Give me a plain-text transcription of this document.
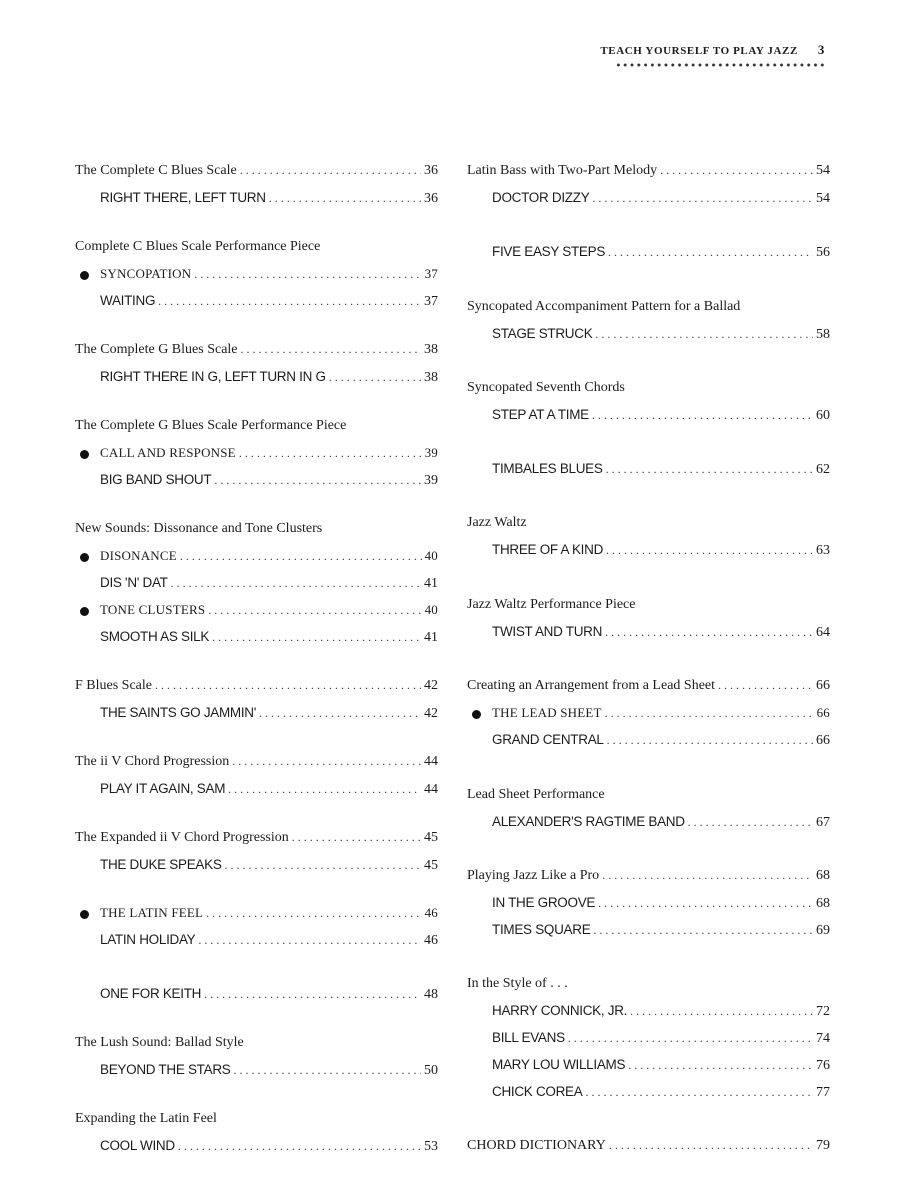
TEACH YOURSELF TO PLAY JAZZ 3
The Complete C Blues Scale . . .	36
RIGHT THERE, LEFT TURN . . .	36
Complete C Blues Scale Performance Piece
SYNCOPATION . . .	37
WAITING . . .	37
The Complete G Blues Scale . . .	38
RIGHT THERE IN G, LEFT TURN IN G . . .	38
The Complete G Blues Scale Performance Piece
CALL AND RESPONSE . . .	39
BIG BAND SHOUT . . .	39
New Sounds: Dissonance and Tone Clusters
DISONANCE . . .	40
DIS 'N' DAT . . .	41
TONE CLUSTERS . . .	40
SMOOTH AS SILK . . .	41
F Blues Scale . . .	42
THE SAINTS GO JAMMIN' . . .	42
The ii V Chord Progression . . .	44
PLAY IT AGAIN, SAM . . .	44
The Expanded ii V Chord Progression . . .	45
THE DUKE SPEAKS . . .	45
THE LATIN FEEL . . .	46
LATIN HOLIDAY . . .	46
ONE FOR KEITH . . .	48
The Lush Sound: Ballad Style
BEYOND THE STARS . . .	50
Expanding the Latin Feel
COOL WIND . . .	53
Latin Bass with Two-Part Melody . . .	54
DOCTOR DIZZY . . .	54
FIVE EASY STEPS . . .	56
Syncopated Accompaniment Pattern for a Ballad
STAGE STRUCK . . .	58
Syncopated Seventh Chords
STEP AT A TIME . . .	60
TIMBALES BLUES . . .	62
Jazz Waltz
THREE OF A KIND . . .	63
Jazz Waltz Performance Piece
TWIST AND TURN . . .	64
Creating an Arrangement from a Lead Sheet . . .	66
THE LEAD SHEET . . .	66
GRAND CENTRAL . . .	66
Lead Sheet Performance
ALEXANDER'S RAGTIME BAND . . .	67
Playing Jazz Like a Pro . . .	68
IN THE GROOVE . . .	68
TIMES SQUARE . . .	69
In the Style of . . .
HARRY CONNICK, JR. . . .	72
BILL EVANS . . .	74
MARY LOU WILLIAMS . . .	76
CHICK COREA . . .	77
CHORD DICTIONARY . . .	79
